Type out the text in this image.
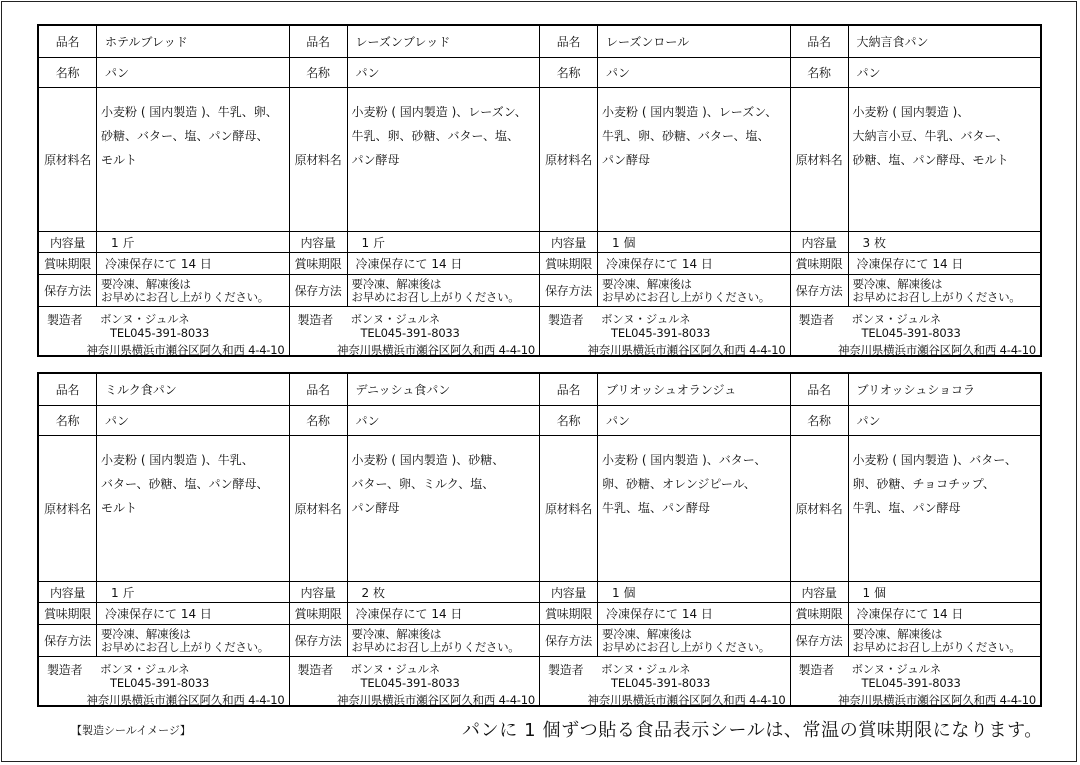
品名	ホテルブレッド
名称	パン
原材料名
小麦粉 ( 国内製造 )、牛乳、卵、
砂糖、バター、塩、パン酵母、
モルト
内容量	1 斤
賞味期限	冷凍保存にて 14 日
保存方法
要冷凍、解凍後は
お早めにお召し上がりください。
製造者 ボンヌ・ジュルネ
TEL045-391-8033
神奈川県横浜市瀬谷区阿久和西 4-4-10
品名	レーズンブレッド
名称	パン
原材料名
小麦粉 ( 国内製造 )、レーズン、
牛乳、卵、砂糖、バター、塩、
パン酵母
内容量	1 斤
賞味期限	冷凍保存にて 14 日
保存方法
要冷凍、解凍後は
お早めにお召し上がりください。
製造者 ボンヌ・ジュルネ
TEL045-391-8033
神奈川県横浜市瀬谷区阿久和西 4-4-10
品名	レーズンロール
名称	パン
原材料名
小麦粉 ( 国内製造 )、レーズン、
牛乳、卵、砂糖、バター、塩、
パン酵母
内容量	1 個
賞味期限	冷凍保存にて 14 日
保存方法
要冷凍、解凍後は
お早めにお召し上がりください。
製造者 ボンヌ・ジュルネ
TEL045-391-8033
神奈川県横浜市瀬谷区阿久和西 4-4-10
品名	大納言食パン
名称	パン
原材料名
小麦粉 ( 国内製造 )、
大納言小豆、牛乳、バター、
砂糖、塩、パン酵母、モルト
内容量	3 枚
賞味期限	冷凍保存にて 14 日
保存方法
要冷凍、解凍後は
お早めにお召し上がりください。
製造者 ボンヌ・ジュルネ
TEL045-391-8033
神奈川県横浜市瀬谷区阿久和西 4-4-10
品名	ミルク食パン
名称	パン
原材料名
小麦粉 ( 国内製造 )、牛乳、
バター、砂糖、塩、パン酵母、
モルト
内容量	1 斤
賞味期限	冷凍保存にて 14 日
保存方法
要冷凍、解凍後は
お早めにお召し上がりください。
製造者 ボンヌ・ジュルネ
TEL045-391-8033
神奈川県横浜市瀬谷区阿久和西 4-4-10
品名	デニッシュ食パン
名称	パン
原材料名
小麦粉 ( 国内製造 )、砂糖、
バター、卵、ミルク、塩、
パン酵母
内容量	2 枚
賞味期限	冷凍保存にて 14 日
保存方法
要冷凍、解凍後は
お早めにお召し上がりください。
製造者 ボンヌ・ジュルネ
TEL045-391-8033
神奈川県横浜市瀬谷区阿久和西 4-4-10
品名	ブリオッシュオランジュ
名称	パン
原材料名
小麦粉 ( 国内製造 )、バター、
卵、砂糖、オレンジピール、
牛乳、塩、パン酵母
内容量	1 個
賞味期限	冷凍保存にて 14 日
保存方法
要冷凍、解凍後は
お早めにお召し上がりください。
製造者 ボンヌ・ジュルネ
TEL045-391-8033
神奈川県横浜市瀬谷区阿久和西 4-4-10
品名	ブリオッシュショコラ
名称	パン
原材料名
小麦粉 ( 国内製造 )、バター、
卵、砂糖、チョコチップ、
牛乳、塩、パン酵母
内容量	1 個
賞味期限	冷凍保存にて 14 日
保存方法
要冷凍、解凍後は
お早めにお召し上がりください。
製造者 ボンヌ・ジュルネ
TEL045-391-8033
神奈川県横浜市瀬谷区阿久和西 4-4-10
【製造シールイメージ】	パンに 1 個ずつ貼る食品表示シールは、常温の賞味期限になります。
